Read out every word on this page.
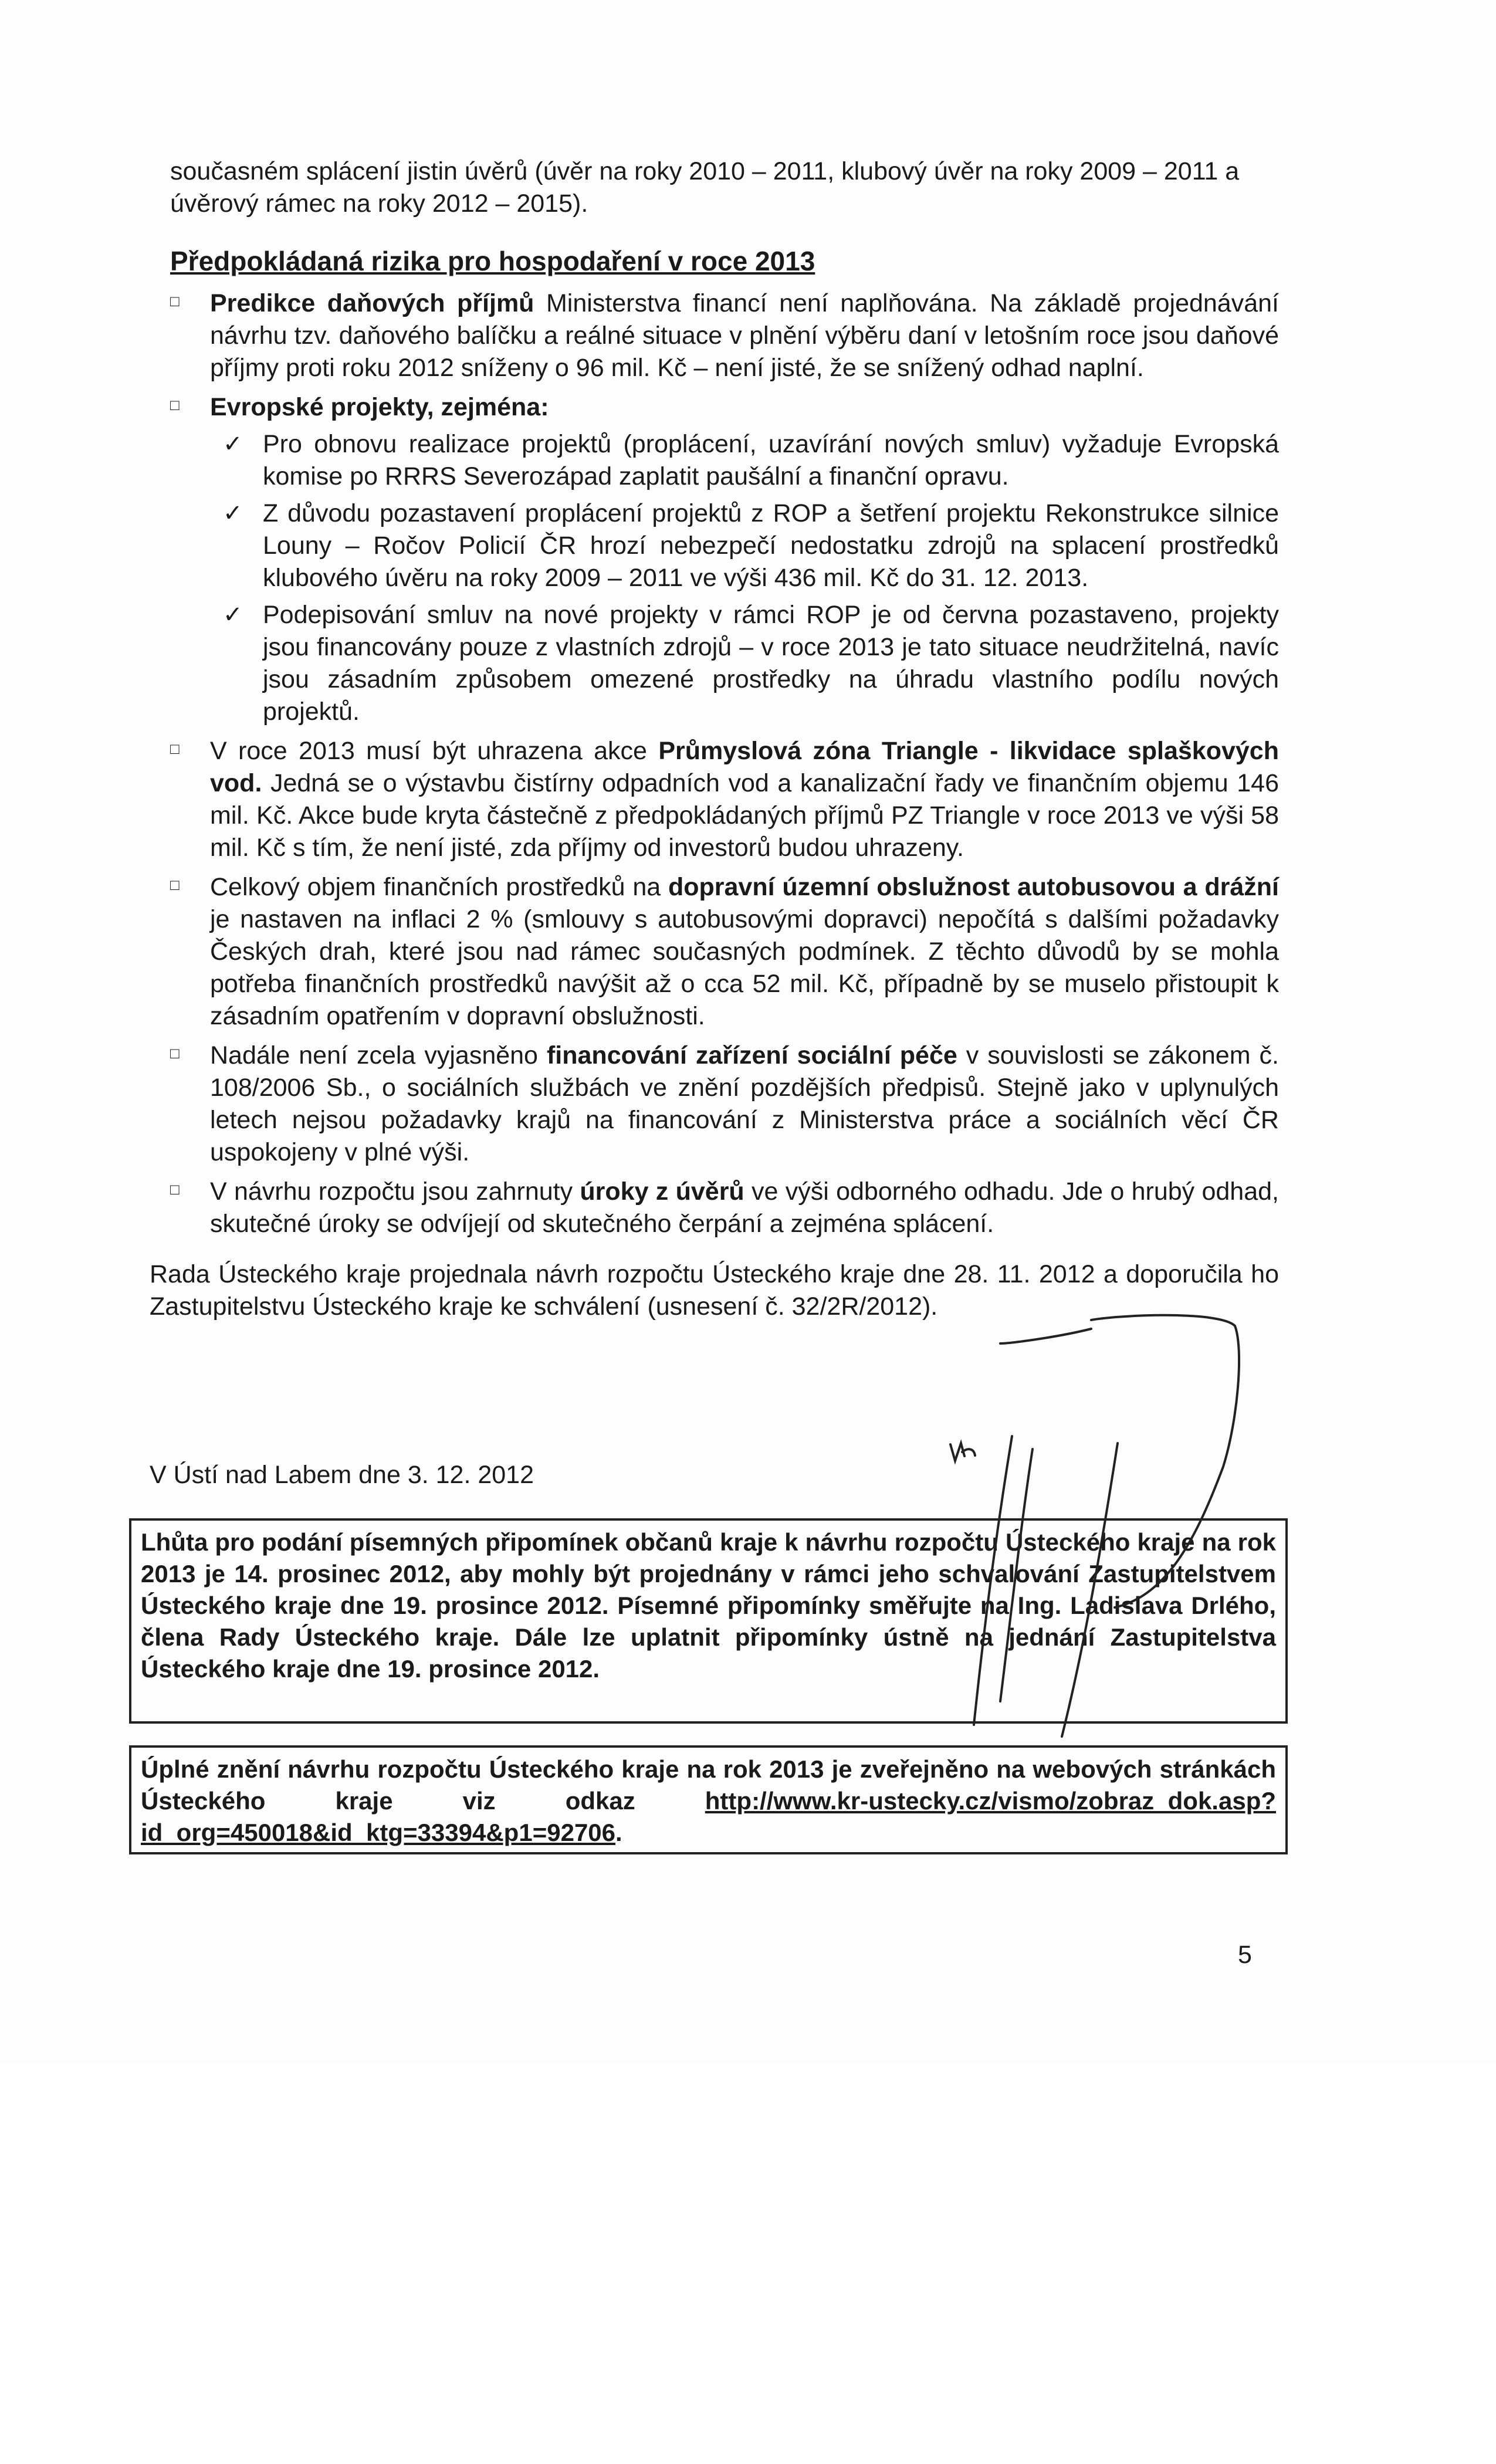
současném splácení jistin úvěrů (úvěr na roky 2010 – 2011, klubový úvěr na roky 2009 – 2011 a úvěrový rámec na roky 2012 – 2015).

Předpokládaná rizika pro hospodaření v roce 2013
□ Predikce daňových příjmů Ministerstva financí není naplňována. Na základě projednávání návrhu tzv. daňového balíčku a reálné situace v plnění výběru daní v letošním roce jsou daňové příjmy proti roku 2012 sníženy o 96 mil. Kč – není jisté, že se snížený odhad naplní.
□ Evropské projekty, zejména:
✓ Pro obnovu realizace projektů (proplácení, uzavírání nových smluv) vyžaduje Evropská komise po RRRS Severozápad zaplatit paušální a finanční opravu.
✓ Z důvodu pozastavení proplácení projektů z ROP a šetření projektu Rekonstrukce silnice Louny – Ročov Policií ČR hrozí nebezpečí nedostatku zdrojů na splacení prostředků klubového úvěru na roky 2009 – 2011 ve výši 436 mil. Kč do 31. 12. 2013.
✓ Podepisování smluv na nové projekty v rámci ROP je od června pozastaveno, projekty jsou financovány pouze z vlastních zdrojů – v roce 2013 je tato situace neudržitelná, navíc jsou zásadním způsobem omezené prostředky na úhradu vlastního podílu nových projektů.
□ V roce 2013 musí být uhrazena akce Průmyslová zóna Triangle - likvidace splaškových vod. Jedná se o výstavbu čistírny odpadních vod a kanalizační řady ve finančním objemu 146 mil. Kč. Akce bude kryta částečně z předpokládaných příjmů PZ Triangle v roce 2013 ve výši 58 mil. Kč s tím, že není jisté, zda příjmy od investorů budou uhrazeny.
□ Celkový objem finančních prostředků na dopravní územní obslužnost autobusovou a drážní je nastaven na inflaci 2 % (smlouvy s autobusovými dopravci) nepočítá s dalšími požadavky Českých drah, které jsou nad rámec současných podmínek. Z těchto důvodů by se mohla potřeba finančních prostředků navýšit až o cca 52 mil. Kč, případně by se muselo přistoupit k zásadním opatřením v dopravní obslužnosti.
□ Nadále není zcela vyjasněno financování zařízení sociální péče v souvislosti se zákonem č. 108/2006 Sb., o sociálních službách ve znění pozdějších předpisů. Stejně jako v uplynulých letech nejsou požadavky krajů na financování z Ministerstva práce a sociálních věcí ČR uspokojeny v plné výši.
□ V návrhu rozpočtu jsou zahrnuty úroky z úvěrů ve výši odborného odhadu. Jde o hrubý odhad, skutečné úroky se odvíjejí od skutečného čerpání a zejména splácení.
Rada Ústeckého kraje projednala návrh rozpočtu Ústeckého kraje dne 28. 11. 2012 a doporučila ho Zastupitelstvu Ústeckého kraje ke schválení (usnesení č. 32/2R/2012).
V Ústí nad Labem dne 3. 12. 2012
Lhůta pro podání písemných připomínek občanů kraje k návrhu rozpočtu Ústeckého kraje na rok 2013 je 14. prosinec 2012, aby mohly být projednány v rámci jeho schvalování Zastupitelstvem Ústeckého kraje dne 19. prosince 2012. Písemné připomínky směřujte na Ing. Ladislava Drlého, člena Rady Ústeckého kraje. Dále lze uplatnit připomínky ústně na jednání Zastupitelstva Ústeckého kraje dne 19. prosince 2012.
Úplné znění návrhu rozpočtu Ústeckého kraje na rok 2013 je zveřejněno na webových stránkách Ústeckého kraje viz odkaz http://www.kr-ustecky.cz/vismo/zobraz_dok.asp?id_org=450018&id_ktg=33394&p1=92706.
5
